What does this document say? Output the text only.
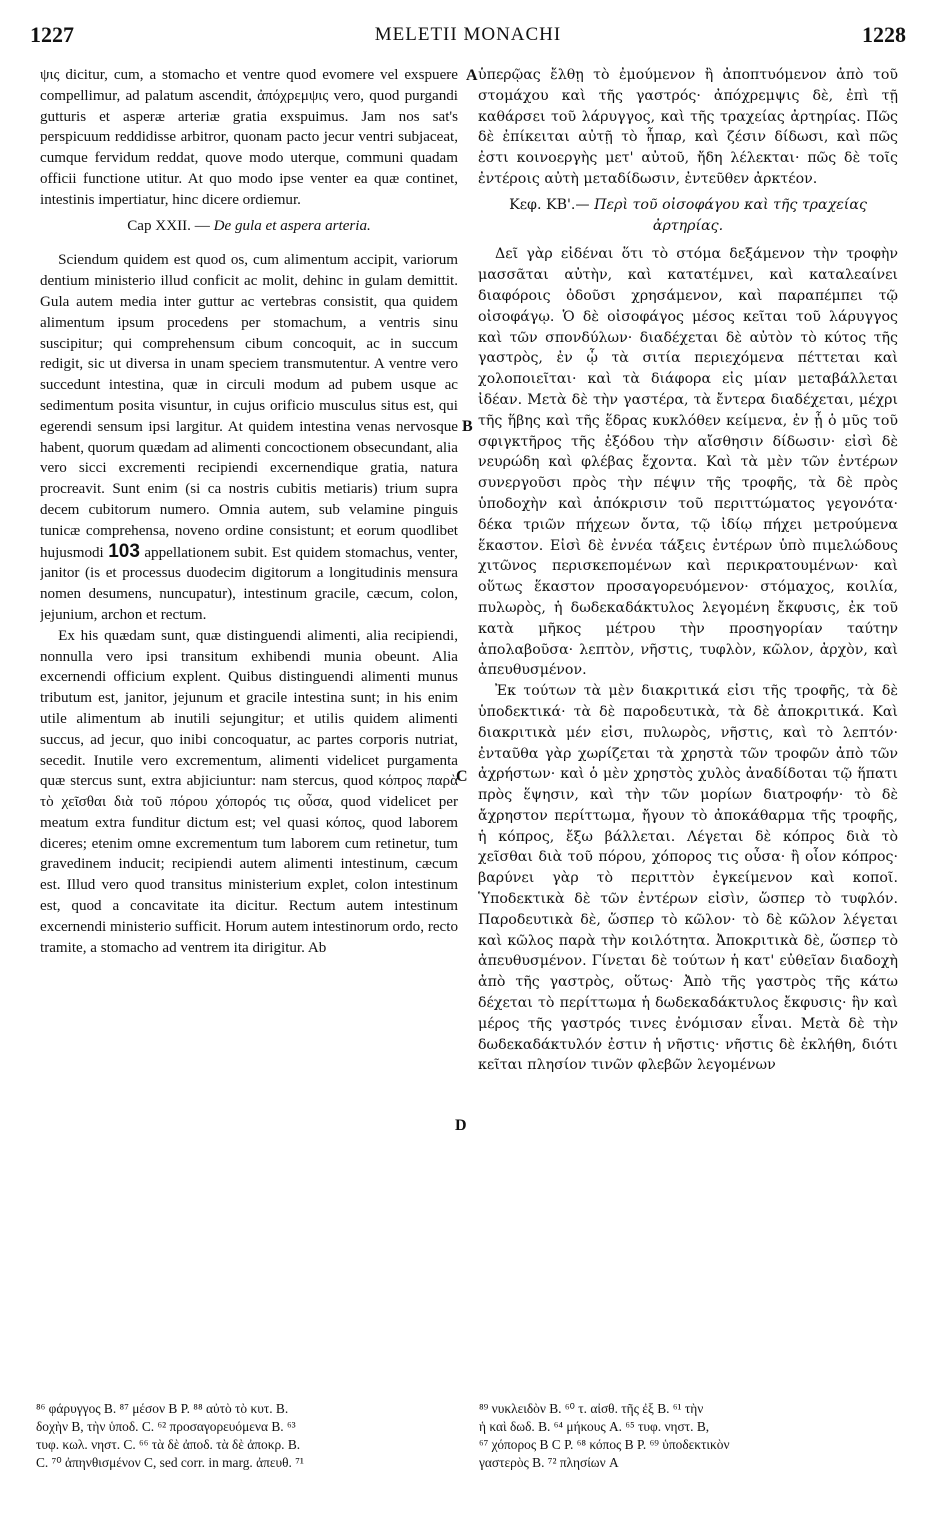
1227	MELETII MONACHI	1228

ψις dicitur, cum, a stomacho et ventre quod evomere vel exspuere compellimur, ad palatum ascendit, ἀπόχρεμψις vero, quod purgandi gutturis et asperæ arteriæ gratia exspuimus. Jam nos sat's perspicuum reddidisse arbitror, quonam pacto jecur ventri subjaceat, cumque fervidum reddat, quove modo uterque, communi quadam officii functione utitur. At quo modo ipse venter ea quæ continet, intestinis impertiatur, hinc dicere ordiemur.

Cap XXII. — De gula et aspera arteria.

Sciendum quidem est quod os, cum alimentum accipit, variorum dentium ministerio illud conficit ac molit, dehinc in gulam demittit. Gula autem media inter guttur ac vertebras consistit, qua quidem alimentum ipsum procedens per stomachum, a ventris sinu suscipitur; qui comprehensum cibum concoquit, ac in succum redigit, sic ut diversa in unam speciem transmutentur. A ventre vero succedunt intestina, quæ in circuli modum ad pubem usque ac sedimentum posita visuntur, in cujus orificio musculus situs est, qui egerendi sensum ipsi largitur. At quidem intestina venas nervosque habent, quorum quædam ad alimenti concoctionem obsecundant, alia vero sicci excrementi recipiendi excernendique gratia, natura procreavit. Sunt enim (si ca nostris cubitis metiaris) trium supra decem cubitorum numero. Omnia autem, sub velamine pinguis tunicæ comprehensa, noveno ordine consistunt; et eorum quodlibet hujusmodi 103 appellationem subit. Est quidem stomachus, venter, janitor (is et processus duodecim digitorum a longitudinis mensura nomen desumens, nuncupatur), intestinum gracile, cæcum, colon, jejunium, archon et rectum.

Ex his quædam sunt, quæ distinguendi alimenti, alia recipiendi, nonnulla vero ipsi transitum exhibendi munia obeunt. Alia excernendi officium explent. Quibus distinguendi alimenti munus tributum est, janitor, jejunum et gracile intestina sunt; in his enim utile alimentum ab inutili sejungitur; et utilis quidem alimenti succus, ad jecur, quo inibi concoquatur, ac partes corporis nutriat, secedit. Inutile vero excrementum, alimenti videlicet purgamenta quæ stercus sunt, extra abjiciuntur: nam stercus, quod κόπρος παρὰ τὸ χεῖσθαι διὰ τοῦ πόρου χόπορός τις οὖσα, quod videlicet per meatum extra funditur dictum est; vel quasi κόπος, quod laborem diceres; etenim omne excrementum tum laborem cum retinetur, tum gravedinem inducit; recipiendi autem alimenti intestinum, cæcum est. Illud vero quod transitus ministerium explet, colon intestinum est, quod a concavitate ita dicitur. Rectum autem intestinum excernendi ministerio sufficit. Horum autem intestinorum ordo, recto tramite, a stomacho ad ventrem ita dirigitur. Ab

A
B
C
D

ὑπερῷας ἔλθῃ τὸ ἐμούμενον ἢ ἀποπτυόμενον ἀπὸ τοῦ στομάχου καὶ τῆς γαστρός· ἀπόχρεμψις δὲ, ἐπὶ τῇ καθάρσει τοῦ λάρυγγος, καὶ τῆς τραχείας ἀρτηρίας. Πῶς δὲ ἐπίκειται αὐτῇ τὸ ἧπαρ, καὶ ζέσιν δίδωσι, καὶ πῶς ἐστι κοινοεργὴς μετ' αὐτοῦ, ἤδη λέλεκται· πῶς δὲ τοῖς ἐντέροις αὐτὴ μεταδίδωσιν, ἐντεῦθεν ἀρκτέον.

Κεφ. ΚΒ'.— Περὶ τοῦ οἰσοφάγου καὶ τῆς τραχείας ἀρτηρίας.

Δεῖ γὰρ εἰδέναι ὅτι τὸ στόμα δεξάμενον τὴν τροφὴν μασσᾶται αὐτὴν, καὶ κατατέμνει, καὶ καταλεαίνει διαφόροις ὀδοῦσι χρησάμενον, καὶ παραπέμπει τῷ οἰσοφάγῳ. Ὁ δὲ οἰσοφάγος μέσος κεῖται τοῦ λάρυγγος καὶ τῶν σπονδύλων· διαδέχεται δὲ αὐτὸν τὸ κύτος τῆς γαστρὸς, ἐν ᾧ τὰ σιτία περιεχόμενα πέττεται καὶ χολοποιεῖται· καὶ τὰ διάφορα εἰς μίαν μεταβάλλεται ἰδέαν. Μετὰ δὲ τὴν γαστέρα, τὰ ἔντερα διαδέχεται, μέχρι τῆς ἥβης καὶ τῆς ἕδρας κυκλόθεν κείμενα, ἐν ᾗ ὁ μῦς τοῦ σφιγκτῆρος τῆς ἐξόδου τὴν αἴσθησιν δίδωσιν· εἰσὶ δὲ νευρώδη καὶ φλέβας ἔχοντα. Καὶ τὰ μὲν τῶν ἐντέρων συνεργοῦσι πρὸς τὴν πέψιν τῆς τροφῆς, τὰ δὲ πρὸς ὑποδοχὴν καὶ ἀπόκρισιν τοῦ περιττώματος γεγονότα· δέκα τριῶν πήχεων ὄντα, τῷ ἰδίῳ πήχει μετρούμενα ἕκαστον. Εἰσὶ δὲ ἐννέα τάξεις ἐντέρων ὑπὸ πιμελώδους χιτῶνος περισκεπομένων καὶ περικρατουμένων· καὶ οὕτως ἕκαστον προσαγορευόμενον· στόμαχος, κοιλία, πυλωρὸς, ἡ δωδεκαδάκτυλος λεγομένη ἔκφυσις, ἐκ τοῦ κατὰ μῆκος μέτρου τὴν προσηγορίαν ταύτην ἀπολαβοῦσα· λεπτὸν, νῆστις, τυφλὸν, κῶλον, ἀρχὸν, καὶ ἀπευθυσμένον.

Ἐκ τούτων τὰ μὲν διακριτικά εἰσι τῆς τροφῆς, τὰ δὲ ὑποδεκτικά· τὰ δὲ παροδευτικὰ, τὰ δὲ ἀποκριτικά. Καὶ διακριτικὰ μέν εἰσι, πυλωρὸς, νῆστις, καὶ τὸ λεπτόν· ἐνταῦθα γὰρ χωρίζεται τὰ χρηστὰ τῶν τροφῶν ἀπὸ τῶν ἀχρήστων· καὶ ὁ μὲν χρηστὸς χυλὸς ἀναδίδοται τῷ ἥπατι πρὸς ἕψησιν, καὶ τὴν τῶν μορίων διατροφήν· τὸ δὲ ἄχρηστον περίττωμα, ἤγουν τὸ ἀποκάθαρμα τῆς τροφῆς, ἡ κόπρος, ἔξω βάλλεται. Λέγεται δὲ κόπρος διὰ τὸ χεῖσθαι διὰ τοῦ πόρου, χόπορος τις οὖσα· ἢ οἷον κόπρος· βαρύνει γὰρ τὸ περιττὸν ἐγκείμενον καὶ κοποῖ. Ὑποδεκτικὰ δὲ τῶν ἐντέρων εἰσὶν, ὥσπερ τὸ τυφλόν. Παροδευτικὰ δὲ, ὥσπερ τὸ κῶλον· τὸ δὲ κῶλον λέγεται καὶ κῶλος παρὰ τὴν κοιλότητα. Ἀποκριτικὰ δὲ, ὥσπερ τὸ ἀπευθυσμένον. Γίνεται δὲ τούτων ἡ κατ' εὐθεῖαν διαδοχὴ ἀπὸ τῆς γαστρὸς, οὕτως· Ἀπὸ τῆς γαστρὸς τῆς κάτω δέχεται τὸ περίττωμα ἡ δωδεκαδάκτυλος ἔκφυσις· ἣν καὶ μέρος τῆς γαστρός τινες ἐνόμισαν εἶναι. Μετὰ δὲ τὴν δωδεκαδάκτυλόν ἐστιν ἡ νῆστις· νῆστις δὲ ἐκλήθη, διότι κεῖται πλησίον τινῶν φλεβῶν λεγομένων

⁸⁶ φάρυγγος B. ⁸⁷ μέσον B P. ⁸⁸ αὐτὸ τὸ κυτ. B.

δοχὴν B, τὴν ὑποδ. C. ⁶² προσαγορευόμενα B. ⁶³

τυφ. κωλ. νηστ. C. ⁶⁶ τὰ δὲ ἀποδ. τὰ δὲ ἀποκρ. B.

C. ⁷⁰ ἀπηνθισμένον C, sed corr. in marg. ἀπευθ. ⁷¹

⁸⁹ νυκλειδὸν B. ⁶⁰ τ. αἰσθ. τῆς ἐξ B. ⁶¹ τὴν

ἡ καὶ δωδ. B. ⁶⁴ μήκους A. ⁶⁵ τυφ. νηστ. B,

⁶⁷ χόπορος B C P. ⁶⁸ κόπος B P. ⁶⁹ ὑποδεκτικὸν

γαστερὸς B. ⁷² πλησίων A
